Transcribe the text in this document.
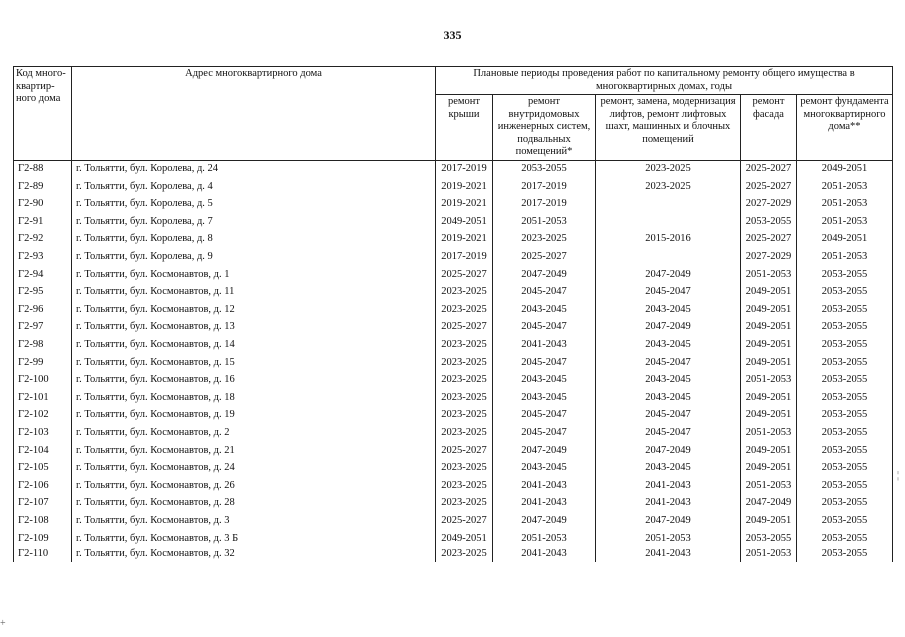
335
Код много-квартир-ного дома	Адрес многоквартирного дома	Плановые периоды проведения работ по капитальному ремонту общего имущества в многоквартирных домах, годы				
		ремонт крыши	ремонт внутридомовых инженерных систем, подвальных помещений*	ремонт, замена, модернизация лифтов, ремонт лифтовых шахт, машинных и блочных помещений	ремонт фасада	ремонт фундамента многоквартирного дома**
Г2-88	г. Тольятти, бул. Королева, д. 24	2017-2019	2053-2055	2023-2025	2025-2027	2049-2051
Г2-89	г. Тольятти, бул. Королева, д. 4	2019-2021	2017-2019	2023-2025	2025-2027	2051-2053
Г2-90	г. Тольятти, бул. Королева, д. 5	2019-2021	2017-2019		2027-2029	2051-2053
Г2-91	г. Тольятти, бул. Королева, д. 7	2049-2051	2051-2053		2053-2055	2051-2053
Г2-92	г. Тольятти, бул. Королева, д. 8	2019-2021	2023-2025	2015-2016	2025-2027	2049-2051
Г2-93	г. Тольятти, бул. Королева, д. 9	2017-2019	2025-2027		2027-2029	2051-2053
Г2-94	г. Тольятти, бул. Космонавтов, д. 1	2025-2027	2047-2049	2047-2049	2051-2053	2053-2055
Г2-95	г. Тольятти, бул. Космонавтов, д. 11	2023-2025	2045-2047	2045-2047	2049-2051	2053-2055
Г2-96	г. Тольятти, бул. Космонавтов, д. 12	2023-2025	2043-2045	2043-2045	2049-2051	2053-2055
Г2-97	г. Тольятти, бул. Космонавтов, д. 13	2025-2027	2045-2047	2047-2049	2049-2051	2053-2055
Г2-98	г. Тольятти, бул. Космонавтов, д. 14	2023-2025	2041-2043	2043-2045	2049-2051	2053-2055
Г2-99	г. Тольятти, бул. Космонавтов, д. 15	2023-2025	2045-2047	2045-2047	2049-2051	2053-2055
Г2-100	г. Тольятти, бул. Космонавтов, д. 16	2023-2025	2043-2045	2043-2045	2051-2053	2053-2055
Г2-101	г. Тольятти, бул. Космонавтов, д. 18	2023-2025	2043-2045	2043-2045	2049-2051	2053-2055
Г2-102	г. Тольятти, бул. Космонавтов, д. 19	2023-2025	2045-2047	2045-2047	2049-2051	2053-2055
Г2-103	г. Тольятти, бул. Космонавтов, д. 2	2023-2025	2045-2047	2045-2047	2051-2053	2053-2055
Г2-104	г. Тольятти, бул. Космонавтов, д. 21	2025-2027	2047-2049	2047-2049	2049-2051	2053-2055
Г2-105	г. Тольятти, бул. Космонавтов, д. 24	2023-2025	2043-2045	2043-2045	2049-2051	2053-2055
Г2-106	г. Тольятти, бул. Космонавтов, д. 26	2023-2025	2041-2043	2041-2043	2051-2053	2053-2055
Г2-107	г. Тольятти, бул. Космонавтов, д. 28	2023-2025	2041-2043	2041-2043	2047-2049	2053-2055
Г2-108	г. Тольятти, бул. Космонавтов, д. 3	2025-2027	2047-2049	2047-2049	2049-2051	2053-2055
Г2-109	г. Тольятти, бул. Космонавтов, д. 3 Б	2049-2051	2051-2053	2051-2053	2053-2055	2053-2055
Г2-110	г. Тольятти, бул. Космонавтов, д. 32	2023-2025	2041-2043	2041-2043	2051-2053	2053-2055
¦
+
